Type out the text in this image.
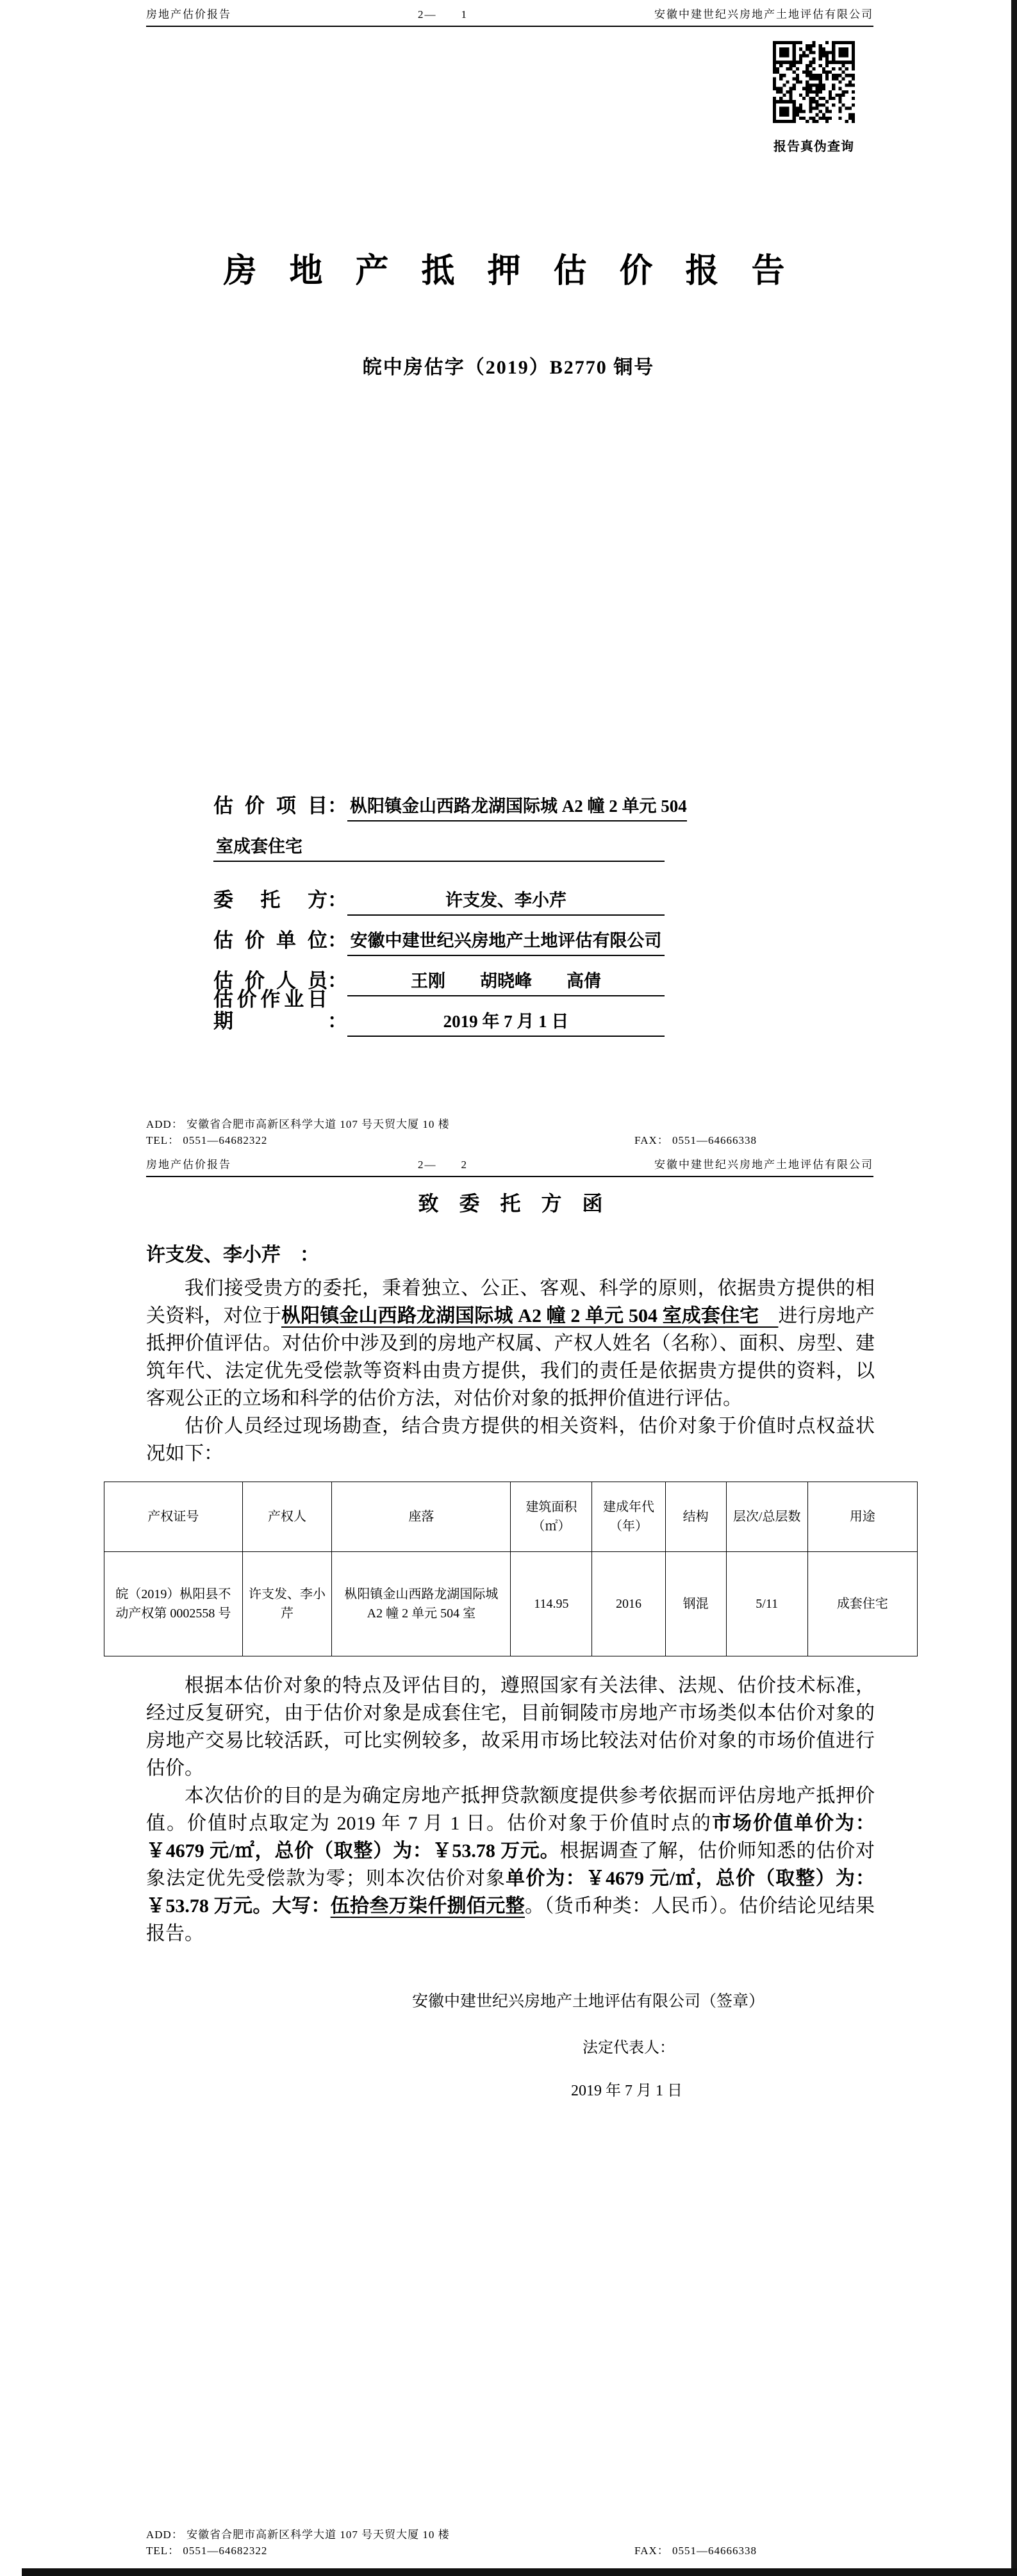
房地产估价报告	2—　　1	安徽中建世纪兴房地产土地评估有限公司
报告真伪查询
房 地 产 抵 押 估 价 报 告
皖中房估字（2019）B2770 铜号
估 价 项 目 ： 枞阳镇金山西路龙湖国际城 A2 幢 2 单元 504
室成套住宅
委 托 方 ：	许支发、李小芹
估 价 单 位 ： 安徽中建世纪兴房地产土地评估有限公司
估 价 人 员 ：	王刚　　胡晓峰　　高倩
估价作业日期	：	2019 年 7 月 1 日
ADD： 安徽省合肥市高新区科学大道 107 号天贸大厦 10 楼
TEL： 0551—64682322	FAX： 0551—64666338
房地产估价报告	2—　　2	安徽中建世纪兴房地产土地评估有限公司
致　委　托　方　函
许支发、李小芹　：

我们接受贵方的委托，秉着独立、公正、客观、科学的原则，依据贵方提供的相关资料，对位于枞阳镇金山西路龙湖国际城 A2 幢 2 单元 504 室成套住宅　进行房地产抵押价值评估。对估价中涉及到的房地产权属、产权人姓名（名称）、面积、房型、建筑年代、法定优先受偿款等资料由贵方提供，我们的责任是依据贵方提供的资料，以客观公正的立场和科学的估价方法，对估价对象的抵押价值进行评估。

估价人员经过现场勘查，结合贵方提供的相关资料，估价对象于价值时点权益状况如下：

产权证号	产权人	座落	建筑面积（㎡）	建成年代（年）	结构	层次/总层数	用途
皖（2019）枞阳县不动产权第 0002558 号	许支发、李小芹	枞阳镇金山西路龙湖国际城 A2 幢 2 单元 504 室	114.95	2016	钢混	5/11	成套住宅

根据本估价对象的特点及评估目的，遵照国家有关法律、法规、估价技术标准，经过反复研究，由于估价对象是成套住宅，目前铜陵市房地产市场类似本估价对象的房地产交易比较活跃，可比实例较多，故采用市场比较法对估价对象的市场价值进行估价。

本次估价的目的是为确定房地产抵押贷款额度提供参考依据而评估房地产抵押价值。价值时点取定为 2019 年 7 月 1 日。估价对象于价值时点的市场价值单价为：￥4679 元/㎡，总价（取整）为：￥53.78 万元。根据调查了解，估价师知悉的估价对象法定优先受偿款为零；则本次估价对象单价为：￥4679 元/㎡，总价（取整）为：￥53.78 万元。大写：伍拾叁万柒仟捌佰元整。（货币种类：人民币）。估价结论见结果报告。

安徽中建世纪兴房地产土地评估有限公司（签章）
法定代表人：
2019 年 7 月 1 日
ADD： 安徽省合肥市高新区科学大道 107 号天贸大厦 10 楼
TEL： 0551—64682322	FAX： 0551—64666338
